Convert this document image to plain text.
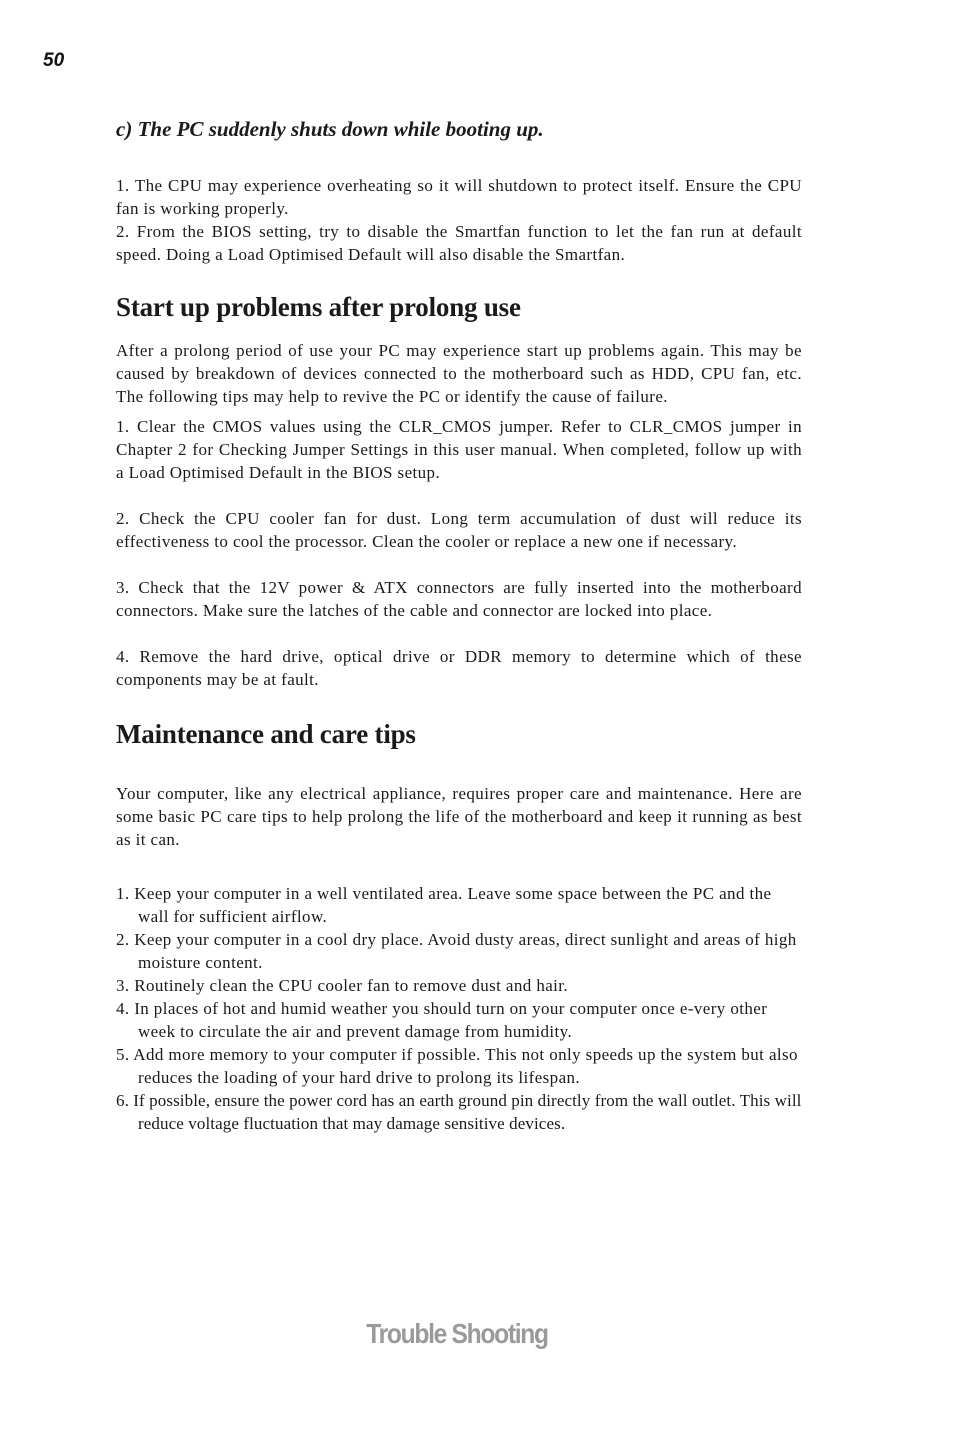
50
c) The PC suddenly shuts down while booting up.

1. The CPU may experience overheating so it will shutdown to protect itself. Ensure the CPU fan is working properly.

2. From the BIOS setting, try to disable the Smartfan function to let the fan run at default speed. Doing a Load Optimised Default will also disable the Smartfan.

Start up problems after prolong use

After a prolong period of use your PC may experience start up problems again. This may be caused by breakdown of devices connected to the motherboard such as HDD, CPU fan, etc. The following tips may help to revive the PC or identify the cause of failure.

1. Clear the CMOS values using the CLR_CMOS jumper. Refer to CLR_CMOS jumper in Chapter 2 for Checking Jumper Settings in this user manual. When completed, follow up with a Load Optimised Default in the BIOS setup.

2. Check the CPU cooler fan for dust. Long term accumulation of dust will reduce its effectiveness to cool the processor. Clean the cooler or replace a new one if necessary.

3. Check that the 12V power & ATX connectors are fully inserted into the motherboard connectors. Make sure the latches of the cable and connector are locked into place.

4. Remove the hard drive, optical drive or DDR memory to determine which of these components may be at fault.

Maintenance and care tips

Your computer, like any electrical appliance, requires proper care and maintenance. Here are some basic PC care tips to help prolong the life of the motherboard and keep it running as best as it can.

1. Keep your computer in a well ventilated area. Leave some space between the PC and the wall for sufficient airflow.
2. Keep your computer in a cool dry place. Avoid dusty areas, direct sunlight and areas of high moisture content.
3. Routinely clean the CPU cooler fan to remove dust and hair.
4. In places of hot and humid weather you should turn on your computer once e-very other week to circulate the air and prevent damage from humidity.
5. Add more memory to your computer if possible. This not only speeds up the system but also reduces the loading of your hard drive to prolong its lifespan.
6. If possible, ensure the power cord has an earth ground pin directly from the wall outlet. This will reduce voltage fluctuation that may damage sensitive devices.
Trouble Shooting
